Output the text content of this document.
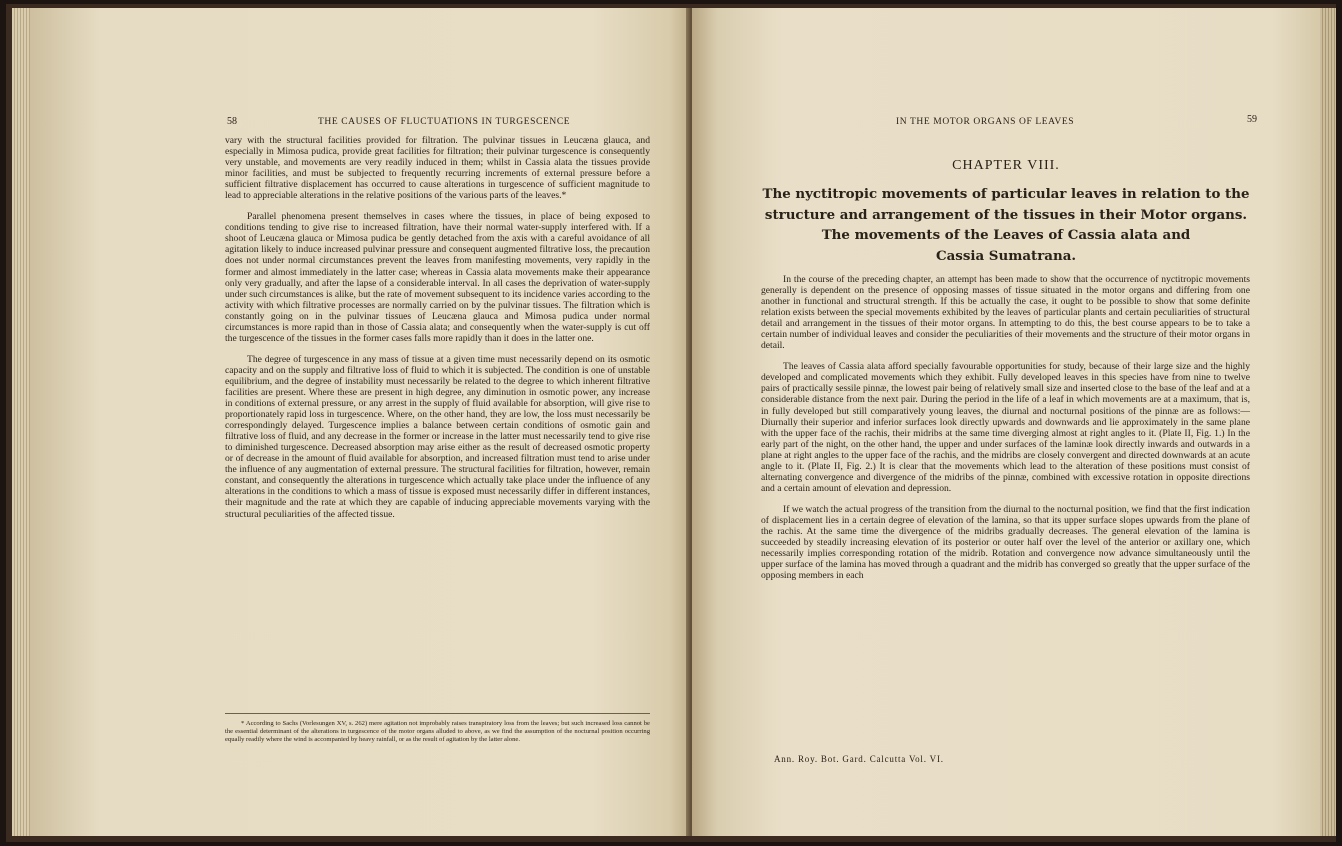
58	THE CAUSES OF FLUCTUATIONS IN TURGESCENCE

vary with the structural facilities provided for filtration. The pulvinar tissues in Leucæna glauca, and especially in Mimosa pudica, provide great facilities for filtration; their pulvinar turgescence is consequently very unstable, and movements are very readily induced in them; whilst in Cassia alata the tissues provide minor facilities, and must be subjected to frequently recurring increments of external pressure before a sufficient filtrative displacement has occurred to cause alterations in turgescence of sufficient magnitude to lead to appreciable alterations in the relative positions of the various parts of the leaves.*

Parallel phenomena present themselves in cases where the tissues, in place of being exposed to conditions tending to give rise to increased filtration, have their normal water-supply interfered with. If a shoot of Leucæna glauca or Mimosa pudica be gently detached from the axis with a careful avoidance of all agitation likely to induce increased pulvinar pressure and consequent augmented filtrative loss, the precaution does not under normal circumstances prevent the leaves from manifesting movements, very rapidly in the former and almost immediately in the latter case; whereas in Cassia alata movements make their appearance only very gradually, and after the lapse of a considerable interval. In all cases the deprivation of water-supply under such circumstances is alike, but the rate of movement subsequent to its incidence varies according to the activity with which filtrative processes are normally carried on by the pulvinar tissues. The filtration which is constantly going on in the pulvinar tissues of Leucæna glauca and Mimosa pudica under normal circumstances is more rapid than in those of Cassia alata; and consequently when the water-supply is cut off the turgescence of the tissues in the former cases falls more rapidly than it does in the latter one.

The degree of turgescence in any mass of tissue at a given time must necessarily depend on its osmotic capacity and on the supply and filtrative loss of fluid to which it is subjected. The condition is one of unstable equilibrium, and the degree of instability must necessarily be related to the degree to which inherent filtrative facilities are present. Where these are present in high degree, any diminution in osmotic power, any increase in conditions of external pressure, or any arrest in the supply of fluid available for absorption, will give rise to proportionately rapid loss in turgescence. Where, on the other hand, they are low, the loss must necessarily be correspondingly delayed. Turgescence implies a balance between certain conditions of osmotic gain and filtrative loss of fluid, and any decrease in the former or increase in the latter must necessarily tend to give rise to diminished turgescence. Decreased absorption may arise either as the result of decreased osmotic property or of decrease in the amount of fluid available for absorption, and increased filtration must tend to arise under the influence of any augmentation of external pressure. The structural facilities for filtration, however, remain constant, and consequently the alterations in turgescence which actually take place under the influence of any alterations in the conditions to which a mass of tissue is exposed must necessarily differ in different instances, their magnitude and the rate at which they are capable of inducing appreciable movements varying with the structural peculiarities of the affected tissue.

* According to Sachs (Vorlesungen XV, s. 262) mere agitation not improbably raises transpiratory loss from the leaves; but such increased loss cannot be the essential determinant of the alterations in turgescence of the motor organs alluded to above, as we find the assumption of the nocturnal position occurring equally readily where the wind is accompanied by heavy rainfall, or as the result of agitation by the latter alone.

IN THE MOTOR ORGANS OF LEAVES	59
CHAPTER VIII.
The nyctitropic movements of particular leaves in relation to the
structure and arrangement of the tissues in their Motor organs.
The movements of the Leaves of Cassia alata and
Cassia Sumatrana.

In the course of the preceding chapter, an attempt has been made to show that the occurrence of nyctitropic movements generally is dependent on the presence of opposing masses of tissue situated in the motor organs and differing from one another in functional and structural strength. If this be actually the case, it ought to be possible to show that some definite relation exists between the special movements exhibited by the leaves of particular plants and certain peculiarities of structural detail and arrangement in the tissues of their motor organs. In attempting to do this, the best course appears to be to take a certain number of individual leaves and consider the peculiarities of their movements and the structure of their motor organs in detail.

The leaves of Cassia alata afford specially favourable opportunities for study, because of their large size and the highly developed and complicated movements which they exhibit. Fully developed leaves in this species have from nine to twelve pairs of practically sessile pinnæ, the lowest pair being of relatively small size and inserted close to the base of the leaf and at a considerable distance from the next pair. During the period in the life of a leaf in which movements are at a maximum, that is, in fully developed but still comparatively young leaves, the diurnal and nocturnal positions of the pinnæ are as follows:—Diurnally their superior and inferior surfaces look directly upwards and downwards and lie approximately in the same plane with the upper face of the rachis, their midribs at the same time diverging almost at right angles to it. (Plate II, Fig. 1.) In the early part of the night, on the other hand, the upper and under surfaces of the laminæ look directly inwards and outwards in a plane at right angles to the upper face of the rachis, and the midribs are closely convergent and directed downwards at an acute angle to it. (Plate II, Fig. 2.) It is clear that the movements which lead to the alteration of these positions must consist of alternating convergence and divergence of the midribs of the pinnæ, combined with excessive rotation in opposite directions and a certain amount of elevation and depression.

If we watch the actual progress of the transition from the diurnal to the nocturnal position, we find that the first indication of displacement lies in a certain degree of elevation of the lamina, so that its upper surface slopes upwards from the plane of the rachis. At the same time the divergence of the midribs gradually decreases. The general elevation of the lamina is succeeded by steadily increasing elevation of its posterior or outer half over the level of the anterior or axillary one, which necessarily implies corresponding rotation of the midrib. Rotation and convergence now advance simultaneously until the upper surface of the lamina has moved through a quadrant and the midrib has converged so greatly that the upper surface of the opposing members in each

Ann. Roy. Bot. Gard. Calcutta Vol. VI.
